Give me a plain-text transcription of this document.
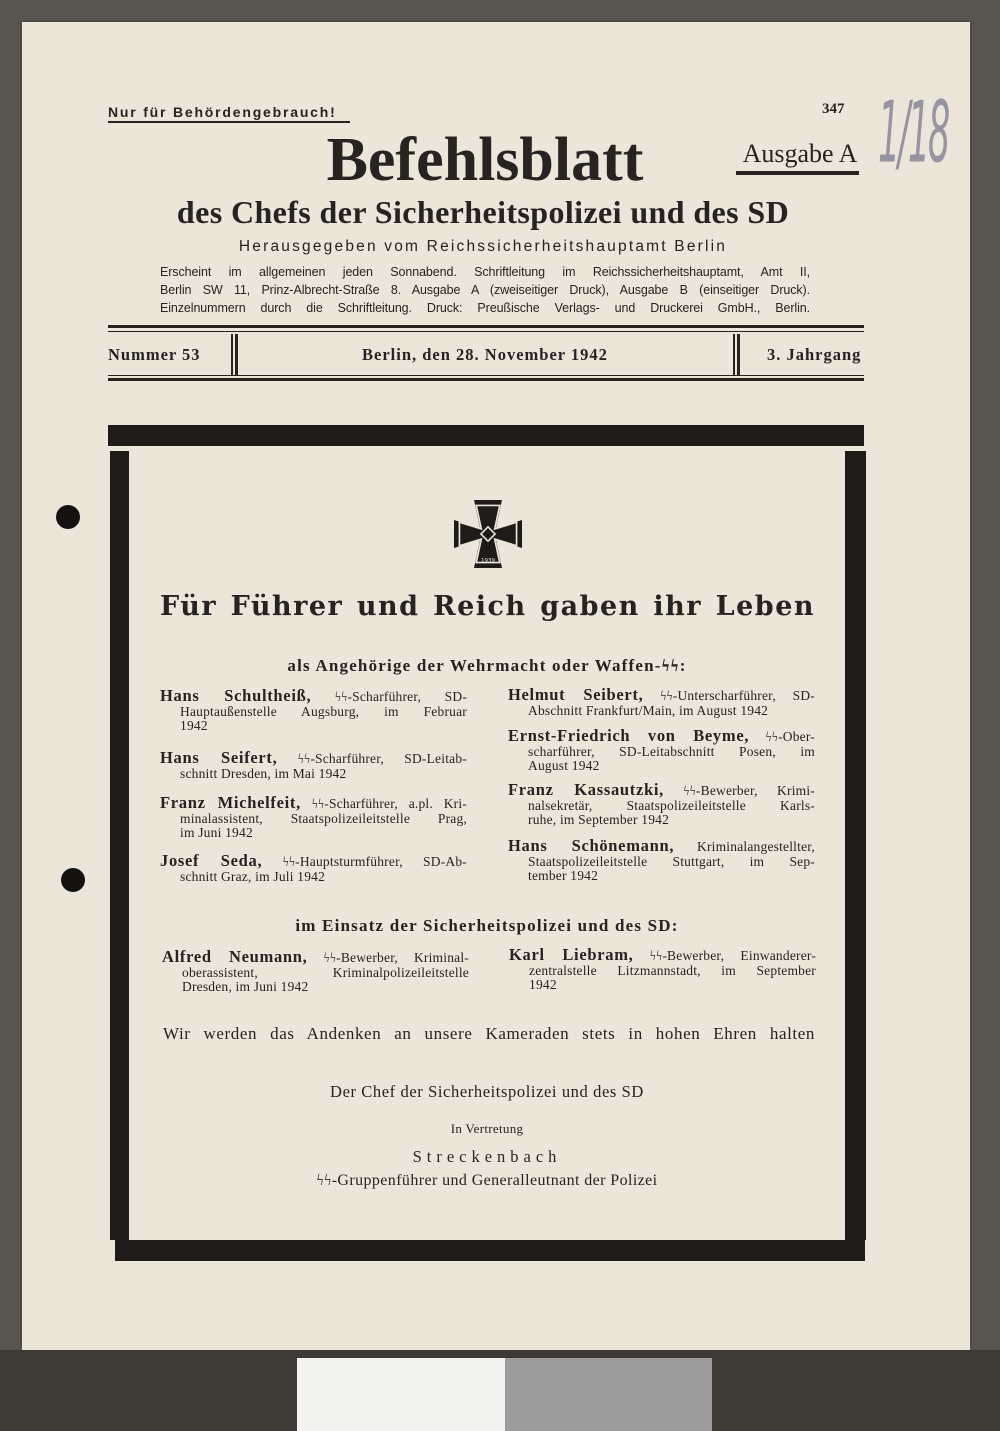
Nur für Behördengebrauch!	347 1/18
Befehlsblatt	Ausgabe A
des Chefs der Sicherheitspolizei und des SD
Herausgegeben vom Reichssicherheitshauptamt Berlin
Erscheint im allgemeinen jeden Sonnabend. Schriftleitung im Reichssicherheitshauptamt, Amt II,
Berlin SW 11, Prinz-Albrecht-Straße 8. Ausgabe A (zweiseitiger Druck), Ausgabe B (einseitiger Druck).
Einzelnummern durch die Schriftleitung. Druck: Preußische Verlags- und Druckerei GmbH., Berlin.
Nummer 53	Berlin, den 28. November 1942	3. Jahrgang
1939
Für Führer und Reich gaben ihr Leben
als Angehörige der Wehrmacht oder Waffen-ϟϟ:
Hans Schultheiß, ϟϟ-Scharführer, SD-
Hauptaußenstelle Augsburg, im Februar
1942
Hans Seifert, ϟϟ-Scharführer, SD-Leitab-
schnitt Dresden, im Mai 1942
Franz Michelfeit, ϟϟ-Scharführer, a.pl. Kri-
minalassistent, Staatspolizeileitstelle Prag,
im Juni 1942
Josef Seda, ϟϟ-Hauptsturmführer, SD-Ab-
schnitt Graz, im Juli 1942
Helmut Seibert, ϟϟ-Unterscharführer, SD-
Abschnitt Frankfurt/Main, im August 1942
Ernst-Friedrich von Beyme, ϟϟ-Ober-
scharführer, SD-Leitabschnitt Posen, im
August 1942
Franz Kassautzki, ϟϟ-Bewerber, Krimi-
nalsekretär, Staatspolizeileitstelle Karls-
ruhe, im September 1942
Hans Schönemann, Kriminalangestellter,
Staatspolizeileitstelle Stuttgart, im Sep-
tember 1942
im Einsatz der Sicherheitspolizei und des SD:
Alfred Neumann, ϟϟ-Bewerber, Kriminal-
oberassistent, Kriminalpolizeileitstelle
Dresden, im Juni 1942
Karl Liebram, ϟϟ-Bewerber, Einwanderer-
zentralstelle Litzmannstadt, im September
1942
Wir werden das Andenken an unsere Kameraden stets in hohen Ehren halten
Der Chef der Sicherheitspolizei und des SD
In Vertretung
Streckenbach
ϟϟ-Gruppenführer und Generalleutnant der Polizei
